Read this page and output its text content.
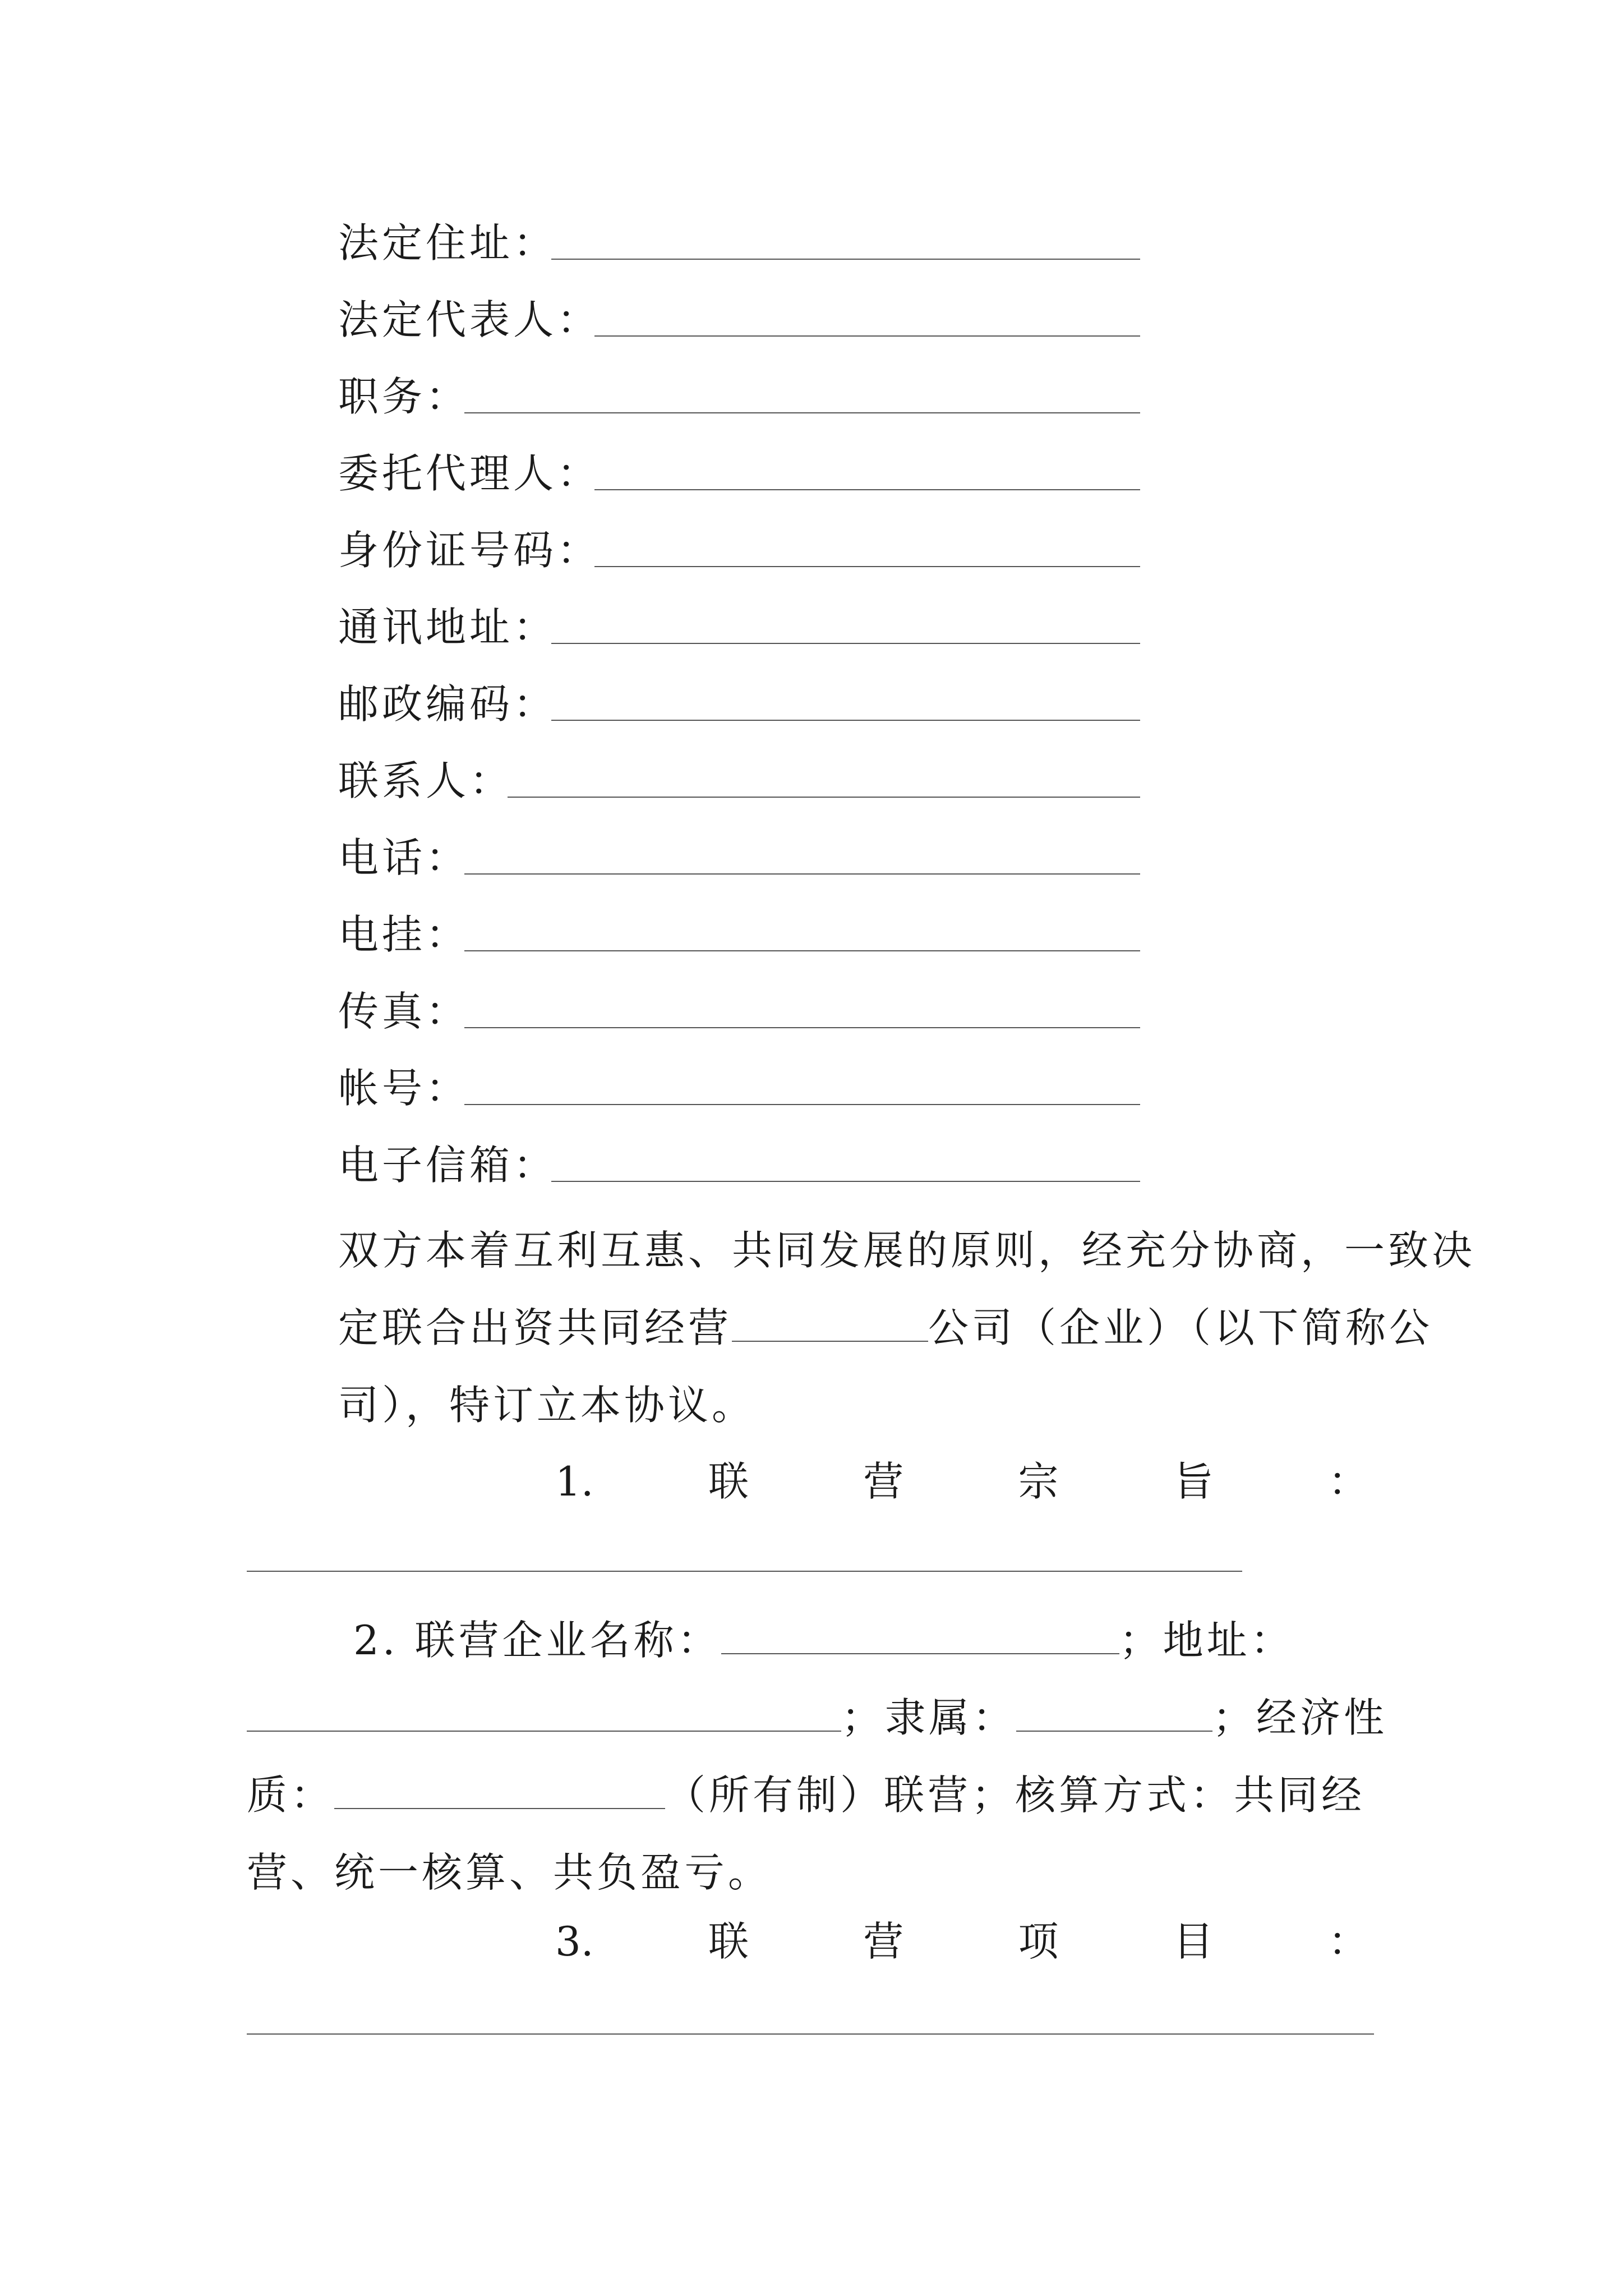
法定住址：
法定代表人：
职务：
委托代理人：
身份证号码：
通讯地址：
邮政编码：
联系人：
电话：
电挂：
传真：
帐号：
电子信箱：
双方本着互利互惠、共同发展的原则，经充分协商，一致决定联合出资共同经营	公司（企业）（以下简称公司），特订立本协议。
1.	联	营	宗	旨	：
2. 联营企业名称：	；地址：；隶属：	；经济性质：	（所有制）联营；核算方式：共同经营、统一核算、共负盈亏。
3.	联	营	项	目	：
